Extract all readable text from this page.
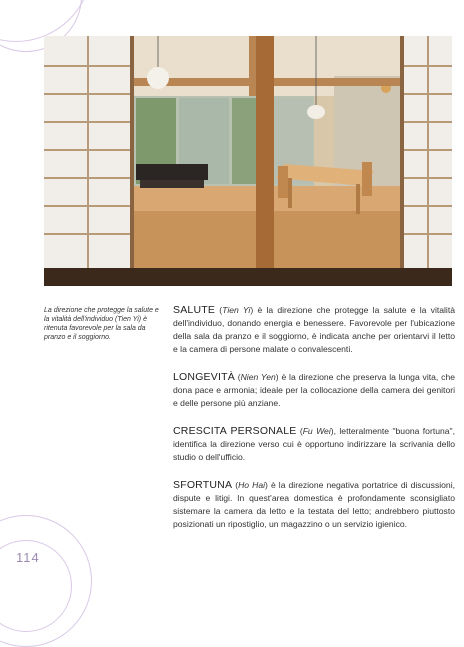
La direzione che protegge la salute e la vitalità dell'individuo (Tien Yi) è ritenuta favorevole per la sala da pranzo e il soggiorno.

SALUTE (Tien Yi) è la direzione che protegge la salute e la vitalità dell'individuo, donando energia e benessere. Favorevole per l'ubicazione della sala da pranzo e il soggiorno, è indicata anche per orientarvi il letto e la camera di persone malate o convalescenti.

LONGEVITÀ (Nien Yen) è la direzione che preserva la lunga vita, che dona pace e armonia; ideale per la collocazione della camera dei genitori e delle persone più anziane.

CRESCITA PERSONALE (Fu Wei), letteralmente "buona fortuna", identifica la direzione verso cui è opportuno indirizzare la scrivania dello studio o dell'ufficio.

SFORTUNA (Ho Hai) è la direzione negativa portatrice di discussioni, dispute e litigi. In quest'area domestica è profondamente sconsigliato sistemare la camera da letto e la testata del letto; andrebbero piuttosto posizionati un ripostiglio, un magazzino o un servizio igienico.

114
